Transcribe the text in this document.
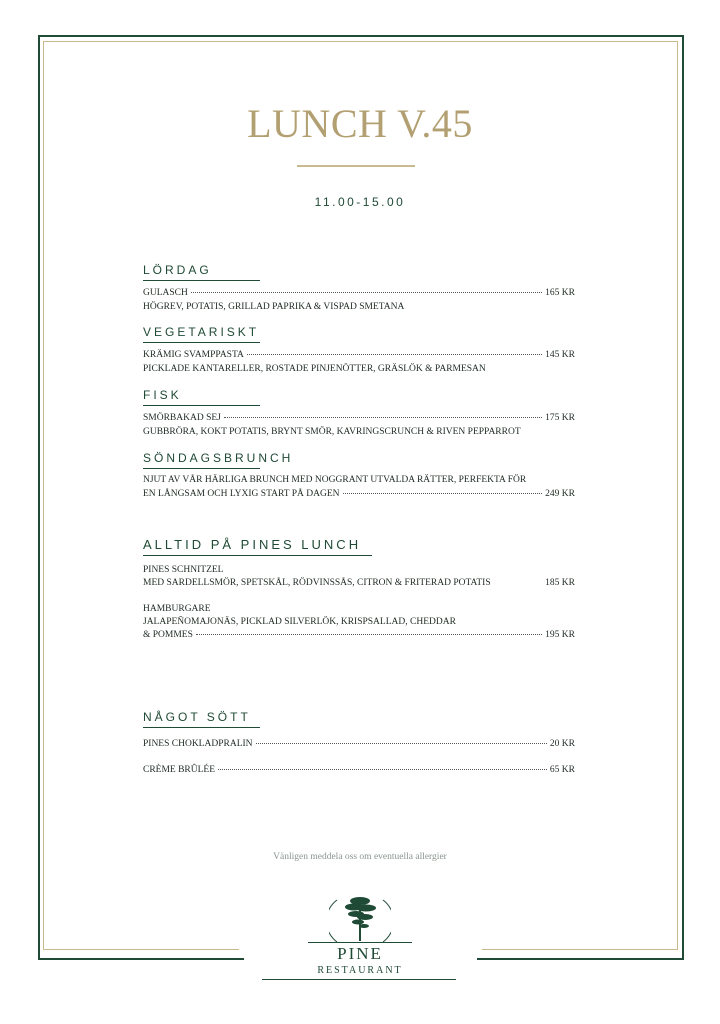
LUNCH V.45
11.00-15.00
LÖRDAG
GULASCH	165 KR
HÖGREV, POTATIS, GRILLAD PAPRIKA & VISPAD SMETANA
VEGETARISKT
KRÄMIG SVAMPPASTA	145 KR
PICKLADE KANTARELLER, ROSTADE PINJENÖTTER, GRÄSLÖK & PARMESAN
FISK
SMÖRBAKAD SEJ	175 KR
GUBBRÖRA, KOKT POTATIS, BRYNT SMÖR, KAVRINGSCRUNCH & RIVEN PEPPARROT
SÖNDAGSBRUNCH
NJUT AV VÅR HÄRLIGA BRUNCH MED NOGGRANT UTVALDA RÄTTER, PERFEKTA FÖR
EN LÅNGSAM OCH LYXIG START PÅ DAGEN	249 KR
ALLTID PÅ PINES LUNCH
PINES SCHNITZEL
MED SARDELLSMÖR, SPETSKÅL, RÖDVINSSÅS, CITRON & FRITERAD POTATIS	185 KR
HAMBURGARE
JALAPEÑOMAJONÄS, PICKLAD SILVERLÖK, KRISPSALLAD, CHEDDAR
& POMMES	195 KR
NÅGOT SÖTT
PINES CHOKLADPRALIN	20 KR
CRÈME BRÛLÉE	65 KR
Vänligen meddela oss om eventuella allergier
PINE
RESTAURANT
